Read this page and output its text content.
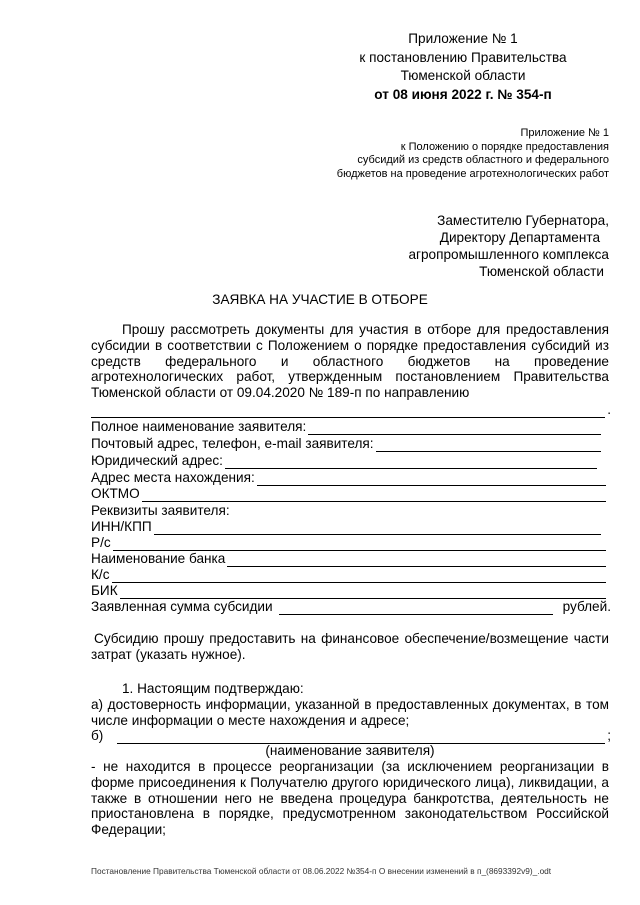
Приложение № 1
к постановлению Правительства
Тюменской области
от 08 июня 2022 г. № 354-п
Приложение № 1
к Положению о порядке предоставления
субсидий из средств областного и федерального
бюджетов на проведение агротехнологических работ
Заместителю Губернатора,
Директору Департамента
агропромышленного комплекса
Тюменской области
ЗАЯВКА НА УЧАСТИЕ В ОТБОРЕ
Прошу рассмотреть документы для участия в отборе для предоставления субсидии в соответствии с Положением о порядке предоставления субсидий из средств федерального и областного бюджетов на проведение агротехнологических работ, утвержденным постановлением Правительства Тюменской области от 09.04.2020 № 189-п по направлению
.
Полное наименование заявителя:
Почтовый адрес, телефон, e-mail заявителя:
Юридический адрес:
Адрес места нахождения:
ОКТМО
Реквизиты заявителя:
ИНН/КПП
Р/с
Наименование банка
К/с
БИК
Заявленная сумма субсидии	рублей.
Субсидию прошу предоставить на финансовое обеспечение/возмещение части затрат (указать нужное).
1. Настоящим подтверждаю:
а) достоверность информации, указанной в предоставленных документах, в том числе информации о месте нахождения и адресе;
б)	;
(наименование заявителя)
- не находится в процессе реорганизации (за исключением реорганизации в форме присоединения к Получателю другого юридического лица), ликвидации, а также в отношении него не введена процедура банкротства, деятельность не приостановлена в порядке, предусмотренном законодательством Российской Федерации;
Постановление Правительства Тюменской области от 08.06.2022 №354-п О внесении изменений в п_(8693392v9)_.odt
